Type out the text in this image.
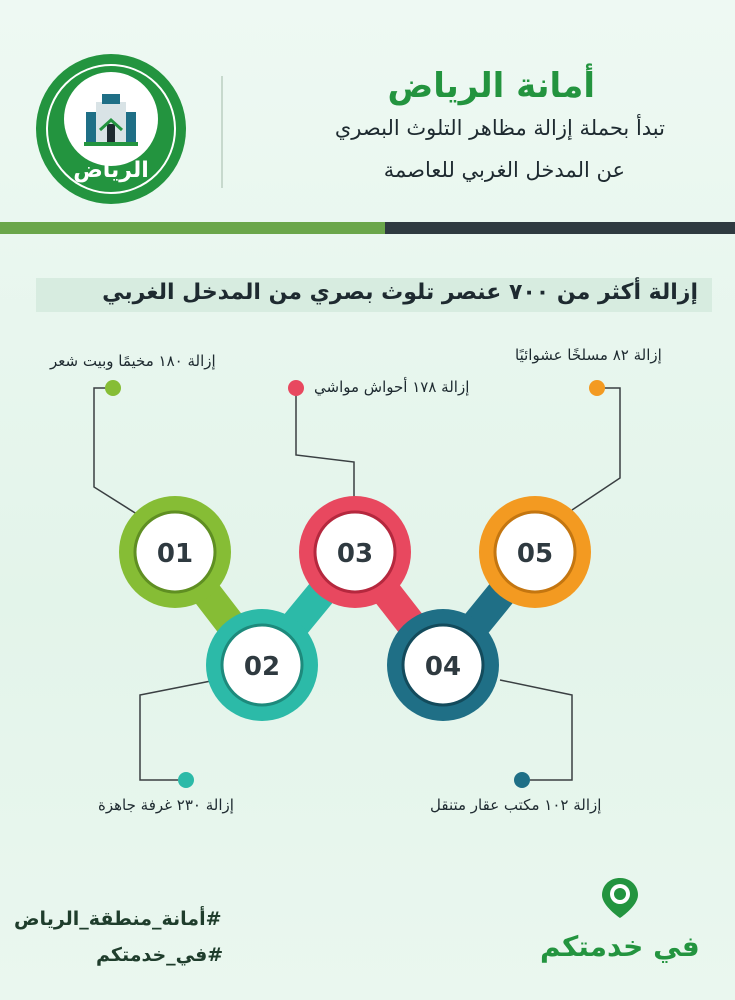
الرياض
أمانة الرياض
تبدأ بحملة إزالة مظاهر التلوث البصري
عن المدخل الغربي للعاصمة
إزالة أكثر من ٧٠٠ عنصر تلوث بصري من المدخل الغربي
01
02
03
04
05
إزالة ١٨٠ مخيمًا وبيت شعر
إزالة ١٧٨ أحواش مواشي
إزالة ٨٢ مسلخًا عشوائيًا
إزالة ٢٣٠ غرفة جاهزة	إزالة ١٠٢ مكتب عقار متنقل
#أمانة_منطقة_الرياض
#في_خدمتكم	في خدمتكم
